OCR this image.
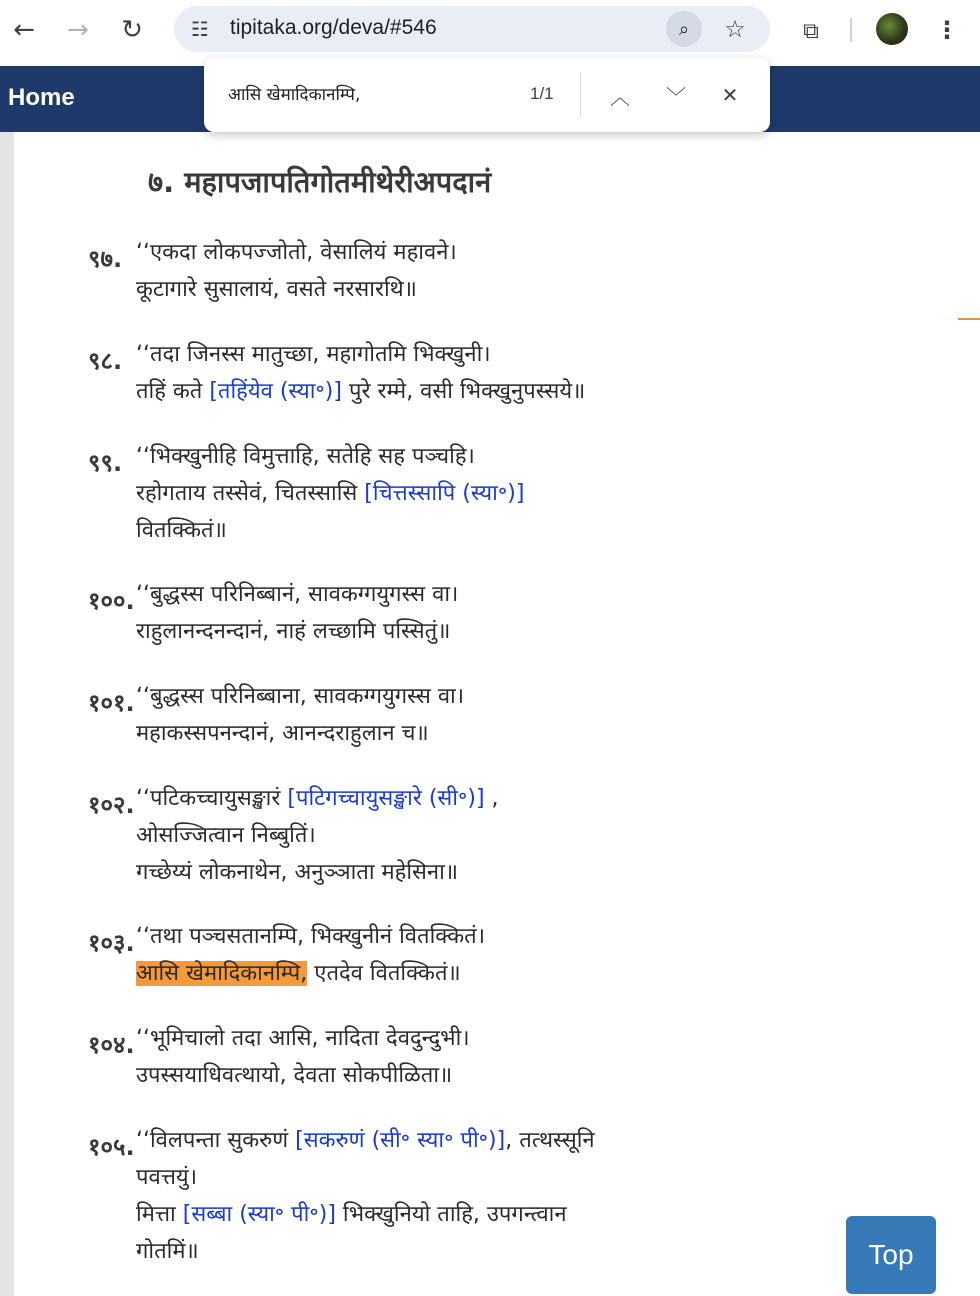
←	→	↻	☷ tipitaka.org/deva/#546	⌕	☆	⧉	⋮
Home	आसि खेमादिकानम्पि,	1/1	︿	﹀	✕
७. महापजापतिगोतमीथेरीअपदानं
९७. ‘‘एकदा लोकपज्जोतो, वेसालियं महावने।
कूटागारे सुसालायं, वसते नरसारथि॥
९८. ‘‘तदा जिनस्स मातुच्छा, महागोतमि भिक्खुनी।
तहिं कते [तहिंयेव (स्या॰)] पुरे रम्मे, वसी भिक्खुनुपस्सये॥
९९. ‘‘भिक्खुनीहि विमुत्ताहि, सतेहि सह पञ्चहि।
रहोगताय तस्सेवं, चितस्सासि [चित्तस्सापि (स्या॰)]
वितक्कितं॥
१००. ‘‘बुद्धस्स परिनिब्बानं, सावकग्गयुगस्स वा।
राहुलानन्दनन्दानं, नाहं लच्छामि पस्सितुं॥
१०१. ‘‘बुद्धस्स परिनिब्बाना, सावकग्गयुगस्स वा।
महाकस्सपनन्दानं, आनन्दराहुलान च॥
१०२. ‘‘पटिकच्चायुसङ्खारं [पटिगच्चायुसङ्खारे (सी॰)] ,
ओसज्जित्वान निब्बुतिं।
गच्छेय्यं लोकनाथेन, अनुञ्ञाता महेसिना॥
१०३. ‘‘तथा पञ्चसतानम्पि, भिक्खुनीनं वितक्कितं।
आसि खेमादिकानम्पि, एतदेव वितक्कितं॥
१०४. ‘‘भूमिचालो तदा आसि, नादिता देवदुन्दुभी।
उपस्सयाधिवत्थायो, देवता सोकपीळिता॥
१०५. ‘‘विलपन्ता सुकरुणं [सकरुणं (सी॰ स्या॰ पी॰)], तत्थस्सूनि
पवत्तयुं।
मित्ता [सब्बा (स्या॰ पी॰)] भिक्खुनियो ताहि, उपगन्त्वान
गोतमिं॥	Top
